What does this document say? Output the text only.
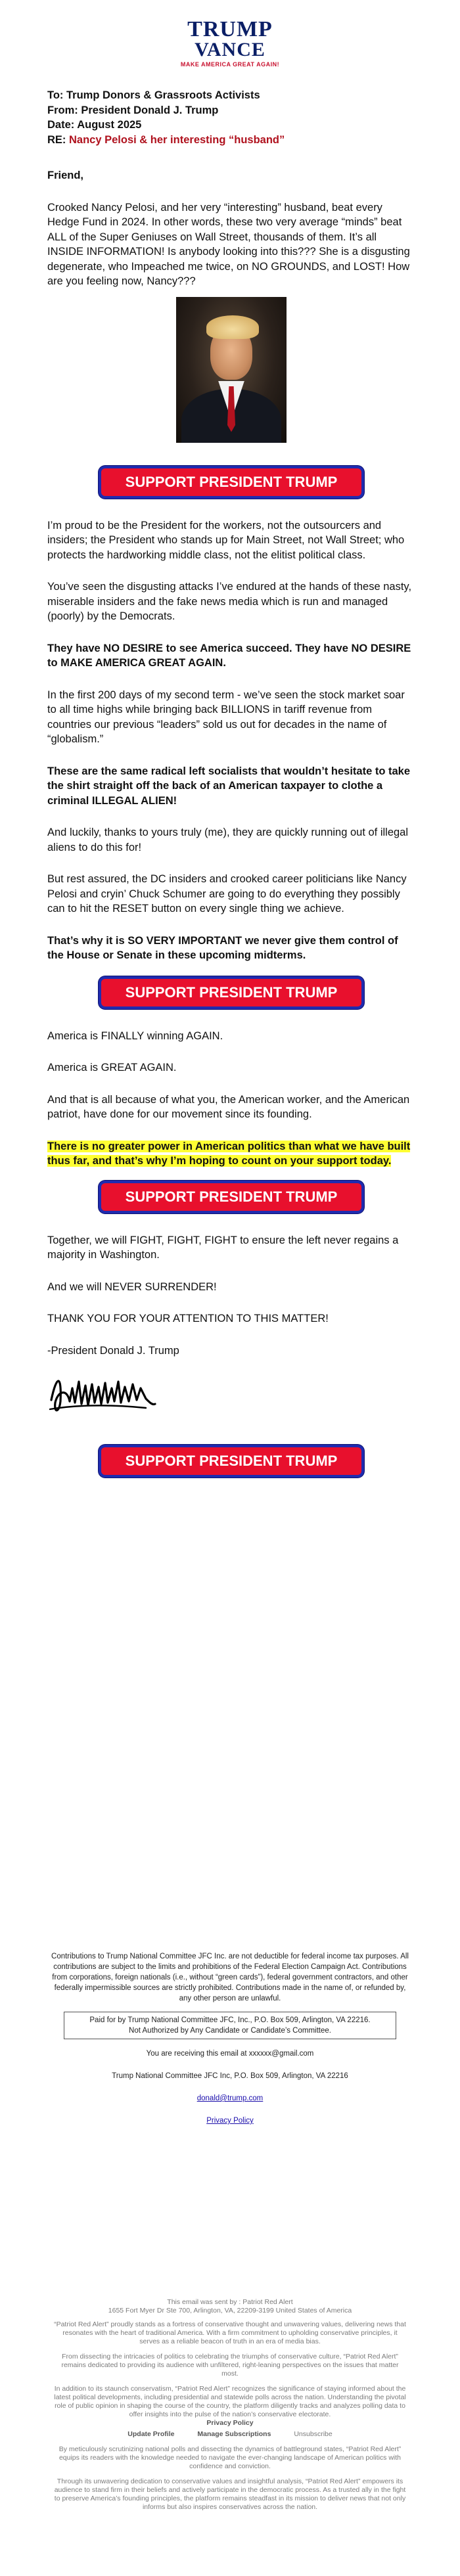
TRUMP
VANCE
MAKE AMERICA GREAT AGAIN!

To: Trump Donors & Grassroots Activists

From: President Donald J. Trump

Date: August 2025

RE: Nancy Pelosi & her interesting “husband”

Friend,

Crooked Nancy Pelosi, and her very “interesting” husband, beat every Hedge Fund in 2024. In other words, these two very average “minds” beat ALL of the Super Geniuses on Wall Street, thousands of them. It’s all INSIDE INFORMATION! Is anybody looking into this??? She is a disgusting degenerate, who Impeached me twice, on NO GROUNDS, and LOST! How are you feeling now, Nancy???

SUPPORT PRESIDENT TRUMP

I’m proud to be the President for the workers, not the outsourcers and insiders; the President who stands up for Main Street, not Wall Street; who protects the hardworking middle class, not the elitist political class.

You’ve seen the disgusting attacks I’ve endured at the hands of these nasty, miserable insiders and the fake news media which is run and managed (poorly) by the Democrats.

They have NO DESIRE to see America succeed. They have NO DESIRE to MAKE AMERICA GREAT AGAIN.

In the first 200 days of my second term - we’ve seen the stock market soar to all time highs while bringing back BILLIONS in tariff revenue from countries our previous “leaders” sold us out for decades in the name of “globalism.”

These are the same radical left socialists that wouldn’t hesitate to take the shirt straight off the back of an American taxpayer to clothe a criminal ILLEGAL ALIEN!

And luckily, thanks to yours truly (me), they are quickly running out of illegal aliens to do this for!

But rest assured, the DC insiders and crooked career politicians like Nancy Pelosi and cryin’ Chuck Schumer are going to do everything they possibly can to hit the RESET button on every single thing we achieve.

That’s why it is SO VERY IMPORTANT we never give them control of the House or Senate in these upcoming midterms.

SUPPORT PRESIDENT TRUMP

America is FINALLY winning AGAIN.

America is GREAT AGAIN.

And that is all because of what you, the American worker, and the American patriot, have done for our movement since its founding.

There is no greater power in American politics than what we have built thus far, and that’s why I’m hoping to count on your support today.

SUPPORT PRESIDENT TRUMP

Together, we will FIGHT, FIGHT, FIGHT to ensure the left never regains a majority in Washington.

And we will NEVER SURRENDER!

THANK YOU FOR YOUR ATTENTION TO THIS MATTER!

-President Donald J. Trump

SUPPORT PRESIDENT TRUMP
Contributions to Trump National Committee JFC Inc. are not deductible for federal income tax purposes. All contributions are subject to the limits and prohibitions of the Federal Election Campaign Act. Contributions from corporations, foreign nationals (i.e., without “green cards”), federal government contractors, and other federally impermissible sources are strictly prohibited. Contributions made in the name of, or refunded by, any other person are unlawful.
Paid for by Trump National Committee JFC, Inc., P.O. Box 509, Arlington, VA 22216.
Not Authorized by Any Candidate or Candidate’s Committee.
You are receiving this email at xxxxxx@gmail.com
Trump National Committee JFC Inc, P.O. Box 509, Arlington, VA 22216
donald@trump.com
Privacy Policy

This email was sent by : Patriot Red Alert
1655 Fort Myer Dr Ste 700, Arlington, VA, 22209-3199 United States of America

“Patriot Red Alert” proudly stands as a fortress of conservative thought and unwavering values, delivering news that resonates with the heart of traditional America. With a firm commitment to upholding conservative principles, it serves as a reliable beacon of truth in an era of media bias.

From dissecting the intricacies of politics to celebrating the triumphs of conservative culture, “Patriot Red Alert” remains dedicated to providing its audience with unfiltered, right-leaning perspectives on the issues that matter most.

In addition to its staunch conservatism, “Patriot Red Alert” recognizes the significance of staying informed about the latest political developments, including presidential and statewide polls across the nation. Understanding the pivotal role of public opinion in shaping the course of the country, the platform diligently tracks and analyzes polling data to offer insights into the pulse of the nation’s conservative electorate.
Privacy Policy

Update Profile	Manage Subscriptions	Unsubscribe

By meticulously scrutinizing national polls and dissecting the dynamics of battleground states, “Patriot Red Alert” equips its readers with the knowledge needed to navigate the ever-changing landscape of American politics with confidence and conviction.

Through its unwavering dedication to conservative values and insightful analysis, “Patriot Red Alert” empowers its audience to stand firm in their beliefs and actively participate in the democratic process. As a trusted ally in the fight to preserve America’s founding principles, the platform remains steadfast in its mission to deliver news that not only informs but also inspires conservatives across the nation.
